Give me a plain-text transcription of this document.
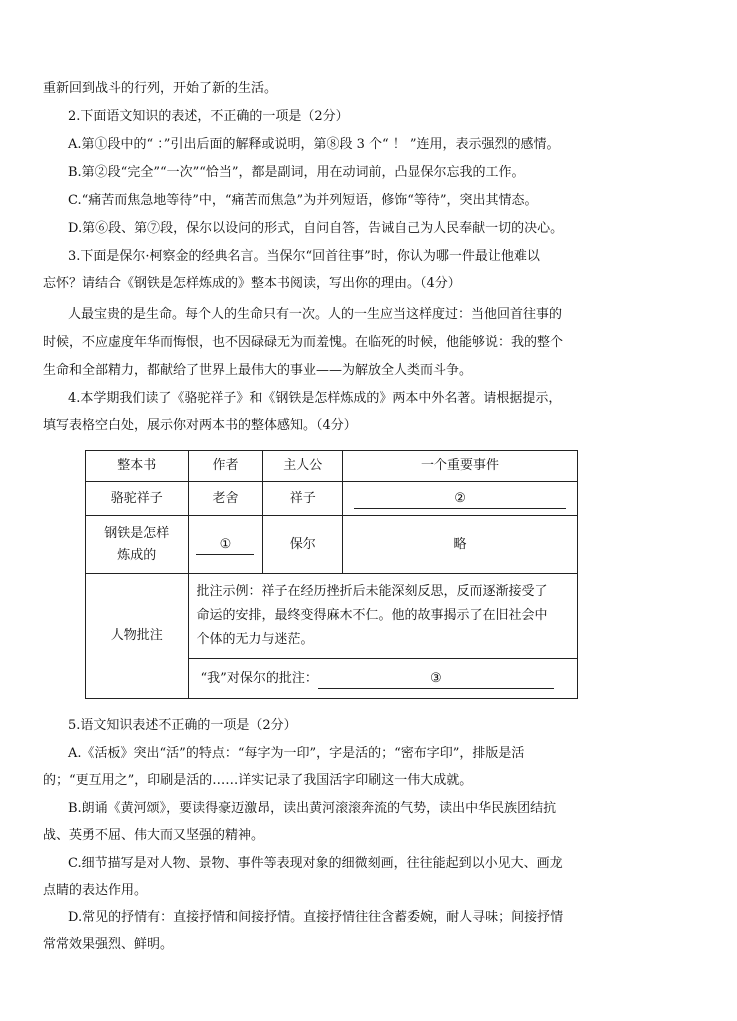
重新回到战斗的行列，开始了新的生活。
2.下面语文知识的表述，不正确的一项是（2分）
A.第①段中的“ ：”引出后面的解释或说明，第⑧段 3 个“ ！ ”连用，表示强烈的感情。
B.第②段“完全”“一次”“恰当”，都是副词，用在动词前，凸显保尔忘我的工作。
C.“痛苦而焦急地等待”中，“痛苦而焦急”为并列短语，修饰“等待”，突出其情态。
D.第⑥段、第⑦段，保尔以设问的形式，自问自答，告诫自己为人民奉献一切的决心。
3.下面是保尔·柯察金的经典名言。当保尔“回首往事”时，你认为哪一件最让他难以
忘怀？请结合《钢铁是怎样炼成的》整本书阅读，写出你的理由。（4分）
人最宝贵的是生命。每个人的生命只有一次。人的一生应当这样度过：当他回首往事的
时候，不应虚度年华而悔恨，也不因碌碌无为而羞愧。在临死的时候，他能够说：我的整个
生命和全部精力，都献给了世界上最伟大的事业——为解放全人类而斗争。
4.本学期我们读了《骆驼祥子》和《钢铁是怎样炼成的》两本中外名著。请根据提示，
填写表格空白处，展示你对两本书的整体感知。（4分）
整本书	作者	主人公	一个重要事件
骆驼祥子	老舍	祥子	②

钢铁是怎样
炼成的	①	保尔	略
人物批注	批注示例：祥子在经历挫折后未能深刻反思，反而逐渐接受了
命运的安排，最终变得麻木不仁。他的故事揭示了在旧社会中
个体的无力与迷茫。		

	“我”对保尔的批注： ③		
5.语文知识表述不正确的一项是（2分）
A.《活板》突出“活”的特点：“每字为一印”，字是活的；“密布字印”，排版是活
的；“更互用之”，印刷是活的……详实记录了我国活字印刷这一伟大成就。
B.朗诵《黄河颂》，要读得豪迈激昂，读出黄河滚滚奔流的气势，读出中华民族团结抗
战、英勇不屈、伟大而又坚强的精神。
C.细节描写是对人物、景物、事件等表现对象的细微刻画，往往能起到以小见大、画龙
点睛的表达作用。
D.常见的抒情有：直接抒情和间接抒情。直接抒情往往含蓄委婉，耐人寻味；间接抒情
常常效果强烈、鲜明。
